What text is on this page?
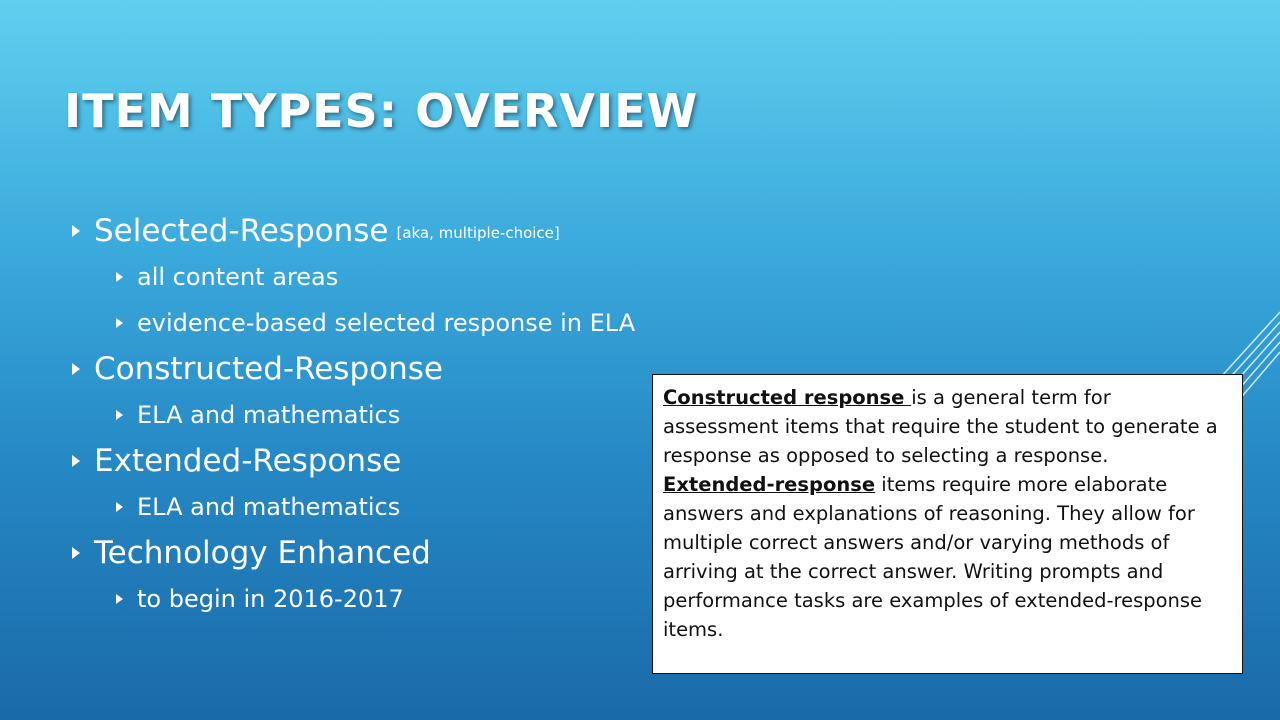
ITEM TYPES: OVERVIEW
Selected-Response [aka, multiple-choice]
all content areas
evidence-based selected response in ELA
Constructed-Response
ELA and mathematics
Extended-Response
ELA and mathematics
Technology Enhanced
to begin in 2016-2017

Constructed response is a general term for assessment items that require the student to generate a response as opposed to selecting a response.

Extended-response items require more elaborate answers and explanations of reasoning. They allow for multiple correct answers and/or varying methods of arriving at the correct answer. Writing prompts and performance tasks are examples of extended-response items.
